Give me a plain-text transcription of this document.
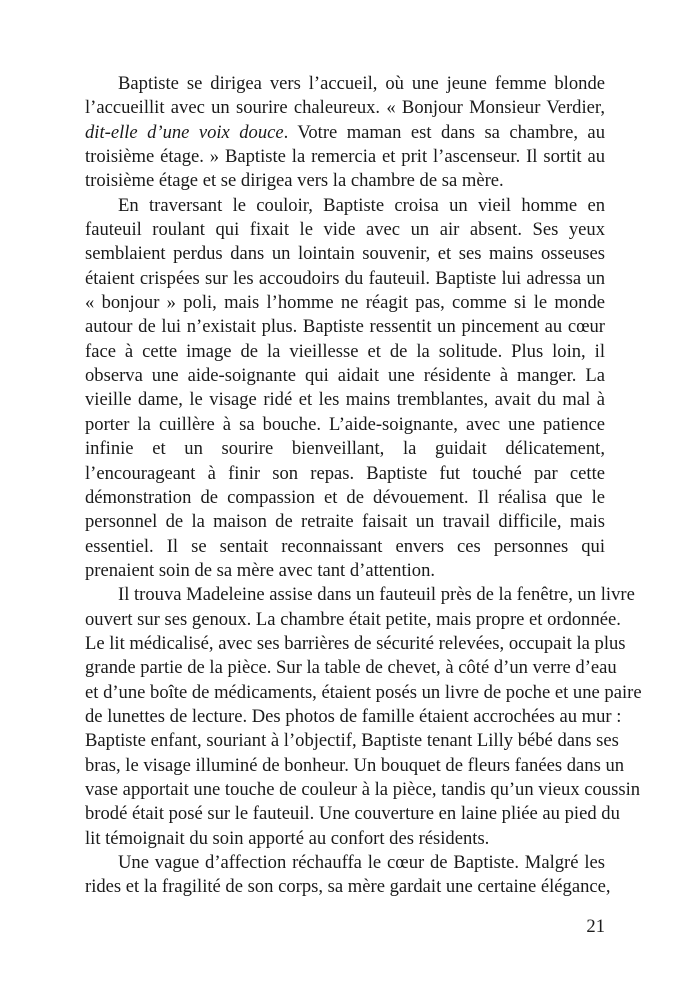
Baptiste se dirigea vers l’accueil, où une jeune femme blonde
l’accueillit avec un sourire chaleureux. « Bonjour Monsieur Verdier,
dit-elle d’une voix douce. Votre maman est dans sa chambre, au
troisième étage. » Baptiste la remercia et prit l’ascenseur. Il sortit au
troisième étage et se dirigea vers la chambre de sa mère.
En traversant le couloir, Baptiste croisa un vieil homme en
fauteuil roulant qui fixait le vide avec un air absent. Ses yeux
semblaient perdus dans un lointain souvenir, et ses mains osseuses
étaient crispées sur les accoudoirs du fauteuil. Baptiste lui adressa un
« bonjour » poli, mais l’homme ne réagit pas, comme si le monde
autour de lui n’existait plus. Baptiste ressentit un pincement au cœur
face à cette image de la vieillesse et de la solitude. Plus loin, il
observa une aide-soignante qui aidait une résidente à manger. La
vieille dame, le visage ridé et les mains tremblantes, avait du mal à
porter la cuillère à sa bouche. L’aide-soignante, avec une patience
infinie et un sourire bienveillant, la guidait délicatement,
l’encourageant à finir son repas. Baptiste fut touché par cette
démonstration de compassion et de dévouement. Il réalisa que le
personnel de la maison de retraite faisait un travail difficile, mais
essentiel. Il se sentait reconnaissant envers ces personnes qui
prenaient soin de sa mère avec tant d’attention.
Il trouva Madeleine assise dans un fauteuil près de la fenêtre, un livre
ouvert sur ses genoux. La chambre était petite, mais propre et ordonnée.
Le lit médicalisé, avec ses barrières de sécurité relevées, occupait la plus
grande partie de la pièce. Sur la table de chevet, à côté d’un verre d’eau
et d’une boîte de médicaments, étaient posés un livre de poche et une paire
de lunettes de lecture. Des photos de famille étaient accrochées au mur :
Baptiste enfant, souriant à l’objectif, Baptiste tenant Lilly bébé dans ses
bras, le visage illuminé de bonheur. Un bouquet de fleurs fanées dans un
vase apportait une touche de couleur à la pièce, tandis qu’un vieux coussin
brodé était posé sur le fauteuil. Une couverture en laine pliée au pied du
lit témoignait du soin apporté au confort des résidents.
Une vague d’affection réchauffa le cœur de Baptiste. Malgré les
rides et la fragilité de son corps, sa mère gardait une certaine élégance,
21
